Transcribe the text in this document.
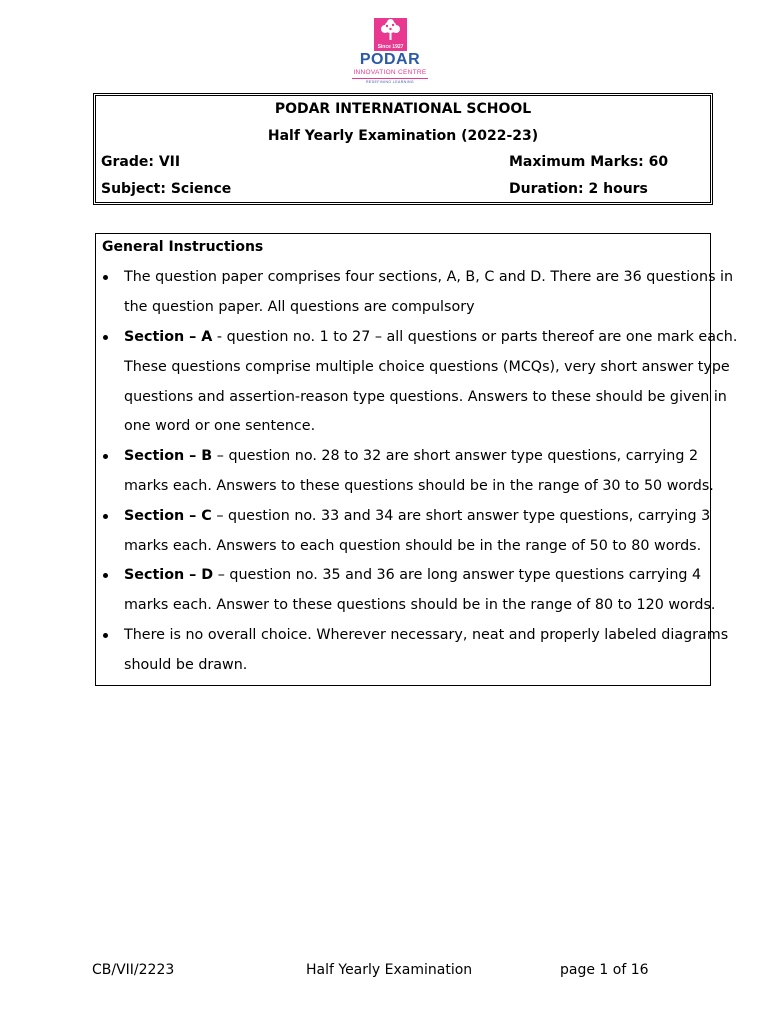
Since 1927
PODAR
INNOVATION CENTRE
REDEFINING LEARNING
PODAR INTERNATIONAL SCHOOL
Half Yearly Examination (2022-23)
Grade: VII	Maximum Marks: 60
Subject: Science	Duration: 2 hours
General Instructions
The question paper comprises four sections, A, B, C and D. There are 36 questions in
the question paper. All questions are compulsory
Section – A - question no. 1 to 27 – all questions or parts thereof are one mark each.
These questions comprise multiple choice questions (MCQs), very short answer type
questions and assertion-reason type questions. Answers to these should be given in
one word or one sentence.
Section – B – question no. 28 to 32 are short answer type questions, carrying 2
marks each. Answers to these questions should be in the range of 30 to 50 words.
Section – C – question no. 33 and 34 are short answer type questions, carrying 3
marks each. Answers to each question should be in the range of 50 to 80 words.
Section – D – question no. 35 and 36 are long answer type questions carrying 4
marks each. Answer to these questions should be in the range of 80 to 120 words.
There is no overall choice. Wherever necessary, neat and properly labeled diagrams
should be drawn.
CB/VII/2223	Half Yearly Examination	page 1 of 16
